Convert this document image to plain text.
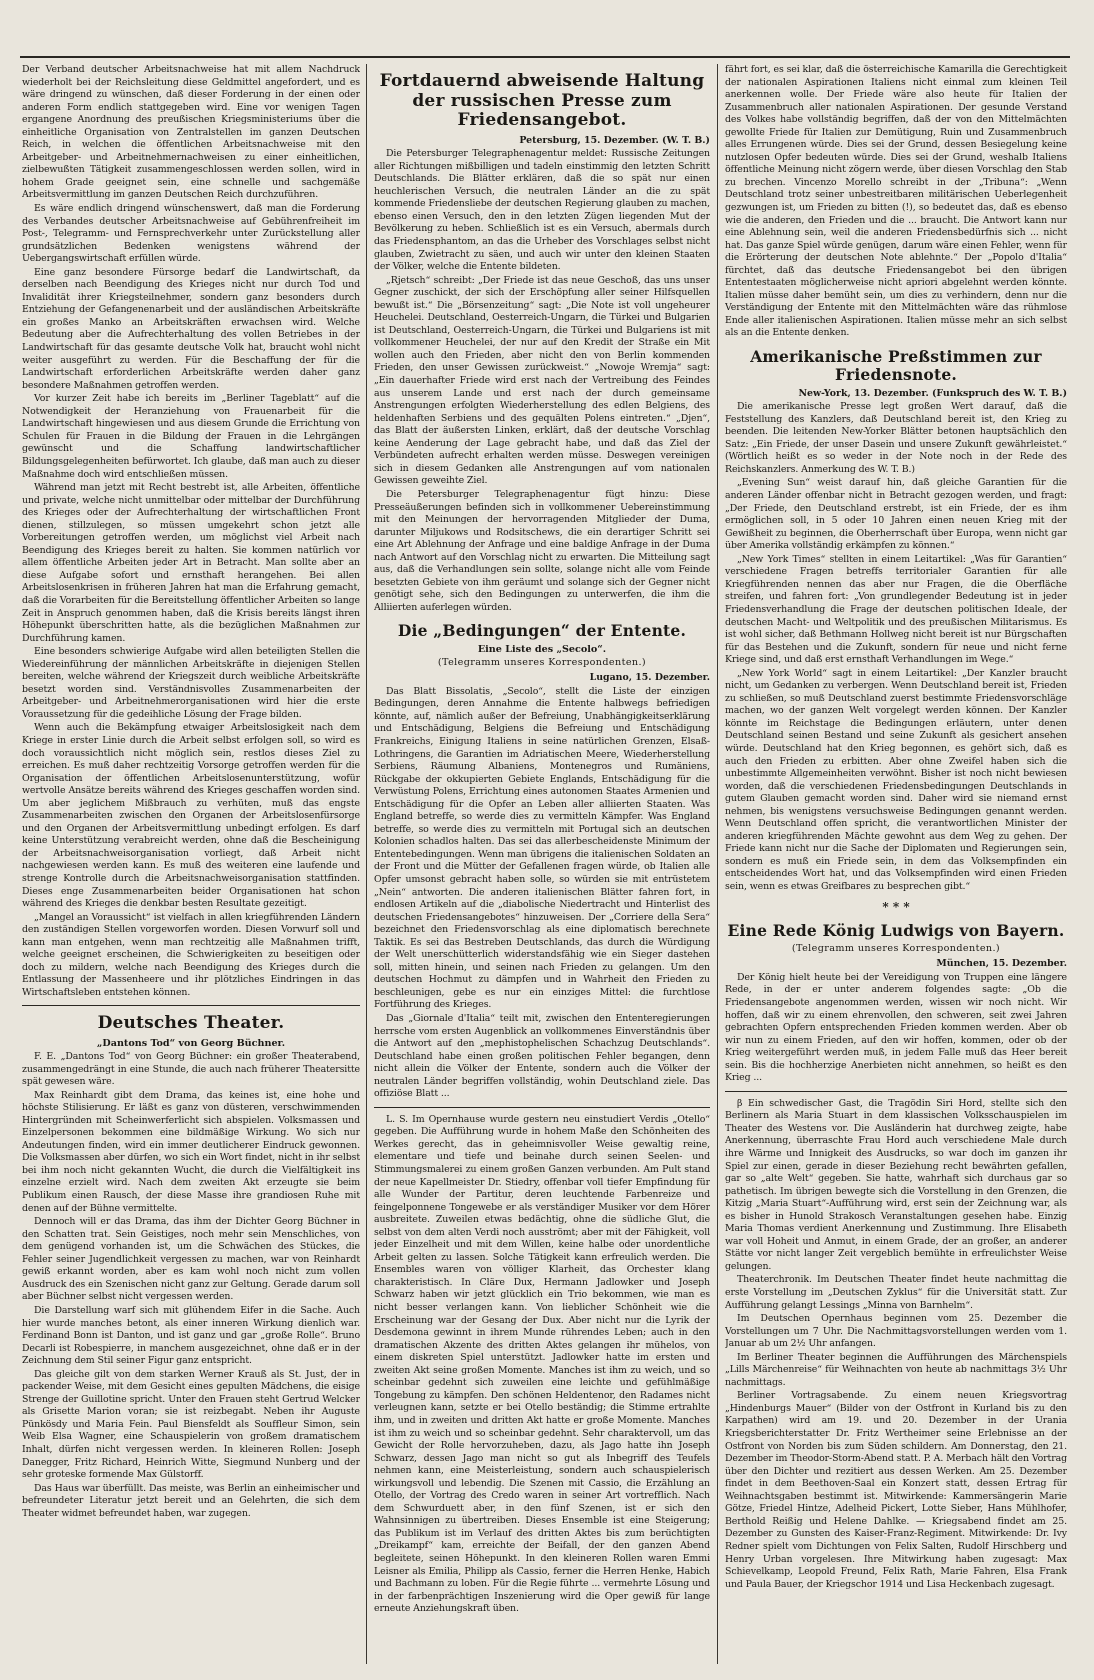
Der Verband deutscher Arbeitsnachweise hat mit allem Nachdruck wiederholt bei der Reichsleitung diese Geldmittel angefordert, und es wäre dringend zu wünschen, daß dieser Forderung in der einen oder anderen Form endlich stattgegeben wird. Eine vor wenigen Tagen ergangene Anordnung des preußischen Kriegsministeriums über die einheitliche Organisation von Zentralstellen im ganzen Deutschen Reich, in welchen die öffentlichen Arbeitsnachweise mit den Arbeitgeber- und Arbeitnehmernachweisen zu einer einheitlichen, zielbewußten Tätigkeit zusammengeschlossen werden sollen, wird in hohem Grade geeignet sein, eine schnelle und sachgemäße Arbeitsvermittlung im ganzen Deutschen Reich durchzuführen.

Es wäre endlich dringend wünschenswert, daß man die Forderung des Verbandes deutscher Arbeitsnachweise auf Gebührenfreiheit im Post-, Telegramm- und Fernsprechverkehr unter Zurückstellung aller grundsätzlichen Bedenken wenigstens während der Uebergangswirtschaft erfüllen würde.

Eine ganz besondere Fürsorge bedarf die Landwirtschaft, da derselben nach Beendigung des Krieges nicht nur durch Tod und Invalidität ihrer Kriegsteilnehmer, sondern ganz besonders durch Entziehung der Gefangenenarbeit und der ausländischen Arbeitskräfte ein großes Manko an Arbeitskräften erwachsen wird. Welche Bedeutung aber die Aufrechterhaltung des vollen Betriebes in der Landwirtschaft für das gesamte deutsche Volk hat, braucht wohl nicht weiter ausgeführt zu werden. Für die Beschaffung der für die Landwirtschaft erforderlichen Arbeitskräfte werden daher ganz besondere Maßnahmen getroffen werden.

Vor kurzer Zeit habe ich bereits im „Berliner Tageblatt“ auf die Notwendigkeit der Heranziehung von Frauenarbeit für die Landwirtschaft hingewiesen und aus diesem Grunde die Errichtung von Schulen für Frauen in die Bildung der Frauen in die Lehrgängen gewünscht und die Schaffung landwirtschaftlicher Bildungsgelegenheiten befürwortet. Ich glaube, daß man auch zu dieser Maßnahme doch wird entschließen müssen.

Während man jetzt mit Recht bestrebt ist, alle Arbeiten, öffentliche und private, welche nicht unmittelbar oder mittelbar der Durchführung des Krieges oder der Aufrechterhaltung der wirtschaftlichen Front dienen, stillzulegen, so müssen umgekehrt schon jetzt alle Vorbereitungen getroffen werden, um möglichst viel Arbeit nach Beendigung des Krieges bereit zu halten. Sie kommen natürlich vor allem öffentliche Arbeiten jeder Art in Betracht. Man sollte aber an diese Aufgabe sofort und ernsthaft herangehen. Bei allen Arbeitslosenkrisen in früheren Jahren hat man die Erfahrung gemacht, daß die Vorarbeiten für die Bereitstellung öffentlicher Arbeiten so lange Zeit in Anspruch genommen haben, daß die Krisis bereits längst ihren Höhepunkt überschritten hatte, als die bezüglichen Maßnahmen zur Durchführung kamen.

Eine besonders schwierige Aufgabe wird allen beteiligten Stellen die Wiedereinführung der männlichen Arbeitskräfte in diejenigen Stellen bereiten, welche während der Kriegszeit durch weibliche Arbeitskräfte besetzt worden sind. Verständnisvolles Zusammenarbeiten der Arbeitgeber- und Arbeitnehmerorganisationen wird hier die erste Voraussetzung für die gedeihliche Lösung der Frage bilden.

Wenn auch die Bekämpfung etwaiger Arbeitslosigkeit nach dem Kriege in erster Linie durch die Arbeit selbst erfolgen soll, so wird es doch voraussichtlich nicht möglich sein, restlos dieses Ziel zu erreichen. Es muß daher rechtzeitig Vorsorge getroffen werden für die Organisation der öffentlichen Arbeitslosenunterstützung, wofür wertvolle Ansätze bereits während des Krieges geschaffen worden sind. Um aber jeglichem Mißbrauch zu verhüten, muß das engste Zusammenarbeiten zwischen den Organen der Arbeitslosenfürsorge und den Organen der Arbeitsvermittlung unbedingt erfolgen. Es darf keine Unterstützung verabreicht werden, ohne daß die Bescheinigung der Arbeitsnachweisorganisation vorliegt, daß Arbeit nicht nachgewiesen werden kann. Es muß des weiteren eine laufende und strenge Kontrolle durch die Arbeitsnachweisorganisation stattfinden. Dieses enge Zusammenarbeiten beider Organisationen hat schon während des Krieges die denkbar besten Resultate gezeitigt.

„Mangel an Voraussicht“ ist vielfach in allen kriegführenden Ländern den zuständigen Stellen vorgeworfen worden. Diesen Vorwurf soll und kann man entgehen, wenn man rechtzeitig alle Maßnahmen trifft, welche geeignet erscheinen, die Schwierigkeiten zu beseitigen oder doch zu mildern, welche nach Beendigung des Krieges durch die Entlassung der Massenheere und ihr plötzliches Eindringen in das Wirtschaftsleben entstehen können.

Deutsches Theater.
„Dantons Tod“ von Georg Büchner.

F. E. „Dantons Tod“ von Georg Büchner: ein großer Theaterabend, zusammengedrängt in eine Stunde, die auch nach früherer Theatersitte spät gewesen wäre.

Max Reinhardt gibt dem Drama, das keines ist, eine hohe und höchste Stilisierung. Er läßt es ganz von düsteren, verschwimmenden Hintergründen mit Scheinwerferlicht sich abspielen. Volksmassen und Einzelpersonen bekommen eine bildmäßige Wirkung. Wo sich nur Andeutungen finden, wird ein immer deutlicherer Eindruck gewonnen. Die Volksmassen aber dürfen, wo sich ein Wort findet, nicht in ihr selbst bei ihm noch nicht gekannten Wucht, die durch die Vielfältigkeit ins einzelne erzielt wird. Nach dem zweiten Akt erzeugte sie beim Publikum einen Rausch, der diese Masse ihre grandiosen Ruhe mit denen auf der Bühne vermittelte.

Dennoch will er das Drama, das ihm der Dichter Georg Büchner in den Schatten trat. Sein Geistiges, noch mehr sein Menschliches, von dem genügend vorhanden ist, um die Schwächen des Stückes, die Fehler seiner Jugendlichkeit vergessen zu machen, war von Reinhardt gewiß erkannt worden, aber es kam wohl noch nicht zum vollen Ausdruck des ein Szenischen nicht ganz zur Geltung. Gerade darum soll aber Büchner selbst nicht vergessen werden.

Die Darstellung warf sich mit glühendem Eifer in die Sache. Auch hier wurde manches betont, als einer inneren Wirkung dienlich war. Ferdinand Bonn ist Danton, und ist ganz und gar „große Rolle“. Bruno Decarli ist Robespierre, in manchem ausgezeichnet, ohne daß er in der Zeichnung dem Stil seiner Figur ganz entspricht.

Das gleiche gilt von dem starken Werner Krauß als St. Just, der in packender Weise, mit dem Gesicht eines gepulten Mädchens, die eisige Strenge der Guillotine spricht. Unter den Frauen steht Gertrud Welcker als Grisette Marion voran; sie ist reizbegabt. Neben ihr Auguste Pünkösdy und Maria Fein. Paul Biensfeldt als Souffleur Simon, sein Weib Elsa Wagner, eine Schauspielerin von großem dramatischem Inhalt, dürfen nicht vergessen werden. In kleineren Rollen: Joseph Danegger, Fritz Richard, Heinrich Witte, Siegmund Nunberg und der sehr groteske formende Max Gülstorff.

Das Haus war überfüllt. Das meiste, was Berlin an einheimischer und befreundeter Literatur jetzt bereit und an Gelehrten, die sich dem Theater widmet befreundet haben, war zugegen.

Fortdauernd abweisende Haltung der russischen Presse zum Friedensangebot.
Petersburg, 15. Dezember. (W. T. B.)

Die Petersburger Telegraphenagentur meldet: Russische Zeitungen aller Richtungen mißbilligen und tadeln einstimmig den letzten Schritt Deutschlands. Die Blätter erklären, daß die so spät nur einen heuchlerischen Versuch, die neutralen Länder an die zu spät kommende Friedensliebe der deutschen Regierung glauben zu machen, ebenso einen Versuch, den in den letzten Zügen liegenden Mut der Bevölkerung zu heben. Schließlich ist es ein Versuch, abermals durch das Friedensphantom, an das die Urheber des Vorschlages selbst nicht glauben, Zwietracht zu säen, und auch wir unter den kleinen Staaten der Völker, welche die Entente bildeten.

„Rjetsch“ schreibt: „Der Friede ist das neue Geschoß, das uns unser Gegner zuschickt, der sich der Erschöpfung aller seiner Hilfsquellen bewußt ist.“ Die „Börsenzeitung“ sagt: „Die Note ist voll ungeheurer Heuchelei. Deutschland, Oesterreich-Ungarn, die Türkei und Bulgarien ist Deutschland, Oesterreich-Ungarn, die Türkei und Bulgariens ist mit vollkommener Heuchelei, der nur auf den Kredit der Straße ein Mit wollen auch den Frieden, aber nicht den von Berlin kommenden Frieden, den unser Gewissen zurückweist.“ „Nowoje Wremja“ sagt: „Ein dauerhafter Friede wird erst nach der Vertreibung des Feindes aus unserem Lande und erst nach der durch gemeinsame Anstrengungen erfolgten Wiederherstellung des edlen Belgiens, des heldenhaften Serbiens und des gequälten Polens eintreten.“ „Djen“, das Blatt der äußersten Linken, erklärt, daß der deutsche Vorschlag keine Aenderung der Lage gebracht habe, und daß das Ziel der Verbündeten aufrecht erhalten werden müsse. Deswegen vereinigen sich in diesem Gedanken alle Anstrengungen auf vom nationalen Gewissen geweihte Ziel.

Die Petersburger Telegraphenagentur fügt hinzu: Diese Presseäußerungen befinden sich in vollkommener Uebereinstimmung mit den Meinungen der hervorragenden Mitglieder der Duma, darunter Miljukows und Rodsitschews, die ein derartiger Schritt sei eine Art Ablehnung der Anfrage und eine baldige Anfrage in der Duma nach Antwort auf den Vorschlag nicht zu erwarten. Die Mitteilung sagt aus, daß die Verhandlungen sein sollte, solange nicht alle vom Feinde besetzten Gebiete von ihm geräumt und solange sich der Gegner nicht genötigt sehe, sich den Bedingungen zu unterwerfen, die ihm die Alliierten auferlegen würden.

Die „Bedingungen“ der Entente.
Eine Liste des „Secolo“.
(Telegramm unseres Korrespondenten.)
Lugano, 15. Dezember.

Das Blatt Bissolatis, „Secolo“, stellt die Liste der einzigen Bedingungen, deren Annahme die Entente halbwegs befriedigen könnte, auf, nämlich außer der Befreiung, Unabhängigkeitserklärung und Entschädigung, Belgiens die Befreiung und Entschädigung Frankreichs, Einigung Italiens in seine natürlichen Grenzen, Elsaß-Lothringens, die Garantien im Adriatischen Meere, Wiederherstellung Serbiens, Räumung Albaniens, Montenegros und Rumäniens, Rückgabe der okkupierten Gebiete Englands, Entschädigung für die Verwüstung Polens, Errichtung eines autonomen Staates Armenien und Entschädigung für die Opfer an Leben aller alliierten Staaten. Was England betreffe, so werde dies zu vermitteln Kämpfer. Was England betreffe, so werde dies zu vermitteln mit Portugal sich an deutschen Kolonien schadlos halten. Das sei das allerbescheidenste Minimum der Ententebedingungen. Wenn man übrigens die italienischen Soldaten an der Front und die Mütter der Gefallenen fragen würde, ob Italien alle Opfer umsonst gebracht haben solle, so würden sie mit entrüstetem „Nein“ antworten. Die anderen italienischen Blätter fahren fort, in endlosen Artikeln auf die „diabolische Niedertracht und Hinterlist des deutschen Friedensangebotes“ hinzuweisen. Der „Corriere della Sera“ bezeichnet den Friedensvorschlag als eine diplomatisch berechnete Taktik. Es sei das Bestreben Deutschlands, das durch die Würdigung der Welt unerschütterlich widerstandsfähig wie ein Sieger dastehen soll, mitten hinein, und seinen nach Frieden zu gelangen. Um den deutschen Hochmut zu dämpfen und in Wahrheit den Frieden zu beschleunigen, gebe es nur ein einziges Mittel: die furchtlose Fortführung des Krieges.

Das „Giornale d'Italia“ teilt mit, zwischen den Ententeregierungen herrsche vom ersten Augenblick an vollkommenes Einverständnis über die Antwort auf den „mephistophelischen Schachzug Deutschlands“. Deutschland habe einen großen politischen Fehler begangen, denn nicht allein die Völker der Entente, sondern auch die Völker der neutralen Länder begriffen vollständig, wohin Deutschland ziele. Das offiziöse Blatt ...

L. S. Im Opernhause wurde gestern neu einstudiert Verdis „Otello“ gegeben. Die Aufführung wurde in hohem Maße den Schönheiten des Werkes gerecht, das in geheimnisvoller Weise gewaltig reine, elementare und tiefe und beinahe durch seinen Seelen- und Stimmungsmalerei zu einem großen Ganzen verbunden. Am Pult stand der neue Kapellmeister Dr. Stiedry, offenbar voll tiefer Empfindung für alle Wunder der Partitur, deren leuchtende Farbenreize und feingelponnene Tongewebe er als verständiger Musiker vor dem Hörer ausbreitete. Zuweilen etwas bedächtig, ohne die südliche Glut, die selbst von dem alten Verdi noch ausströmt; aber mit der Fähigkeit, voll jeder Einzelheit und mit dem Willen, keine halbe oder unordentliche Arbeit gelten zu lassen. Solche Tätigkeit kann erfreulich werden. Die Ensembles waren von völliger Klarheit, das Orchester klang charakteristisch. In Cläre Dux, Hermann Jadlowker und Joseph Schwarz haben wir jetzt glücklich ein Trio bekommen, wie man es nicht besser verlangen kann. Von lieblicher Schönheit wie die Erscheinung war der Gesang der Dux. Aber nicht nur die Lyrik der Desdemona gewinnt in ihrem Munde rührendes Leben; auch in den dramatischen Akzente des dritten Aktes gelangen ihr mühelos, von einem diskreten Spiel unterstützt. Jadlowker hatte im ersten und zweiten Akt seine großen Momente. Manches ist ihm zu weich, und so scheinbar gedehnt sich zuweilen eine leichte und gefühlmäßige Tongebung zu kämpfen. Den schönen Heldentenor, den Radames nicht verleugnen kann, setzte er bei Otello beständig; die Stimme ertrahlte ihm, und in zweiten und dritten Akt hatte er große Momente. Manches ist ihm zu weich und so scheinbar gedehnt. Sehr charaktervoll, um das Gewicht der Rolle hervorzuheben, dazu, als Jago hatte ihn Joseph Schwarz, dessen Jago man nicht so gut als Inbegriff des Teufels nehmen kann, eine Meisterleistung, sondern auch schauspielerisch wirkungsvoll und lebendig. Die Szenen mit Cassio, die Erzählung an Otello, der Vortrag des Credo waren in seiner Art vortrefflich. Nach dem Schwurduett aber, in den fünf Szenen, ist er sich den Wahnsinnigen zu übertreiben. Dieses Ensemble ist eine Steigerung; das Publikum ist im Verlauf des dritten Aktes bis zum berüchtigten „Dreikampf“ kam, erreichte der Beifall, der den ganzen Abend begleitete, seinen Höhepunkt. In den kleineren Rollen waren Emmi Leisner als Emilia, Philipp als Cassio, ferner die Herren Henke, Habich und Bachmann zu loben. Für die Regie führte ... vermehrte Lösung und in der farbenprächtigen Inszenierung wird die Oper gewiß für lange erneute Anziehungskraft üben.

fährt fort, es sei klar, daß die österreichische Kamarilla die Gerechtigkeit der nationalen Aspirationen Italiens nicht einmal zum kleinen Teil anerkennen wolle. Der Friede wäre also heute für Italien der Zusammenbruch aller nationalen Aspirationen. Der gesunde Verstand des Volkes habe vollständig begriffen, daß der von den Mittelmächten gewollte Friede für Italien zur Demütigung, Ruin und Zusammenbruch alles Errungenen würde. Dies sei der Grund, dessen Besiegelung keine nutzlosen Opfer bedeuten würde. Dies sei der Grund, weshalb Italiens öffentliche Meinung nicht zögern werde, über diesen Vorschlag den Stab zu brechen. Vincenzo Morello schreibt in der „Tribuna“: „Wenn Deutschland trotz seiner unbestreitbaren militärischen Ueberlegenheit gezwungen ist, um Frieden zu bitten (!), so bedeutet das, daß es ebenso wie die anderen, den Frieden und die ... braucht. Die Antwort kann nur eine Ablehnung sein, weil die anderen Friedensbedürfnis sich ... nicht hat. Das ganze Spiel würde genügen, darum wäre einen Fehler, wenn für die Erörterung der deutschen Note ablehnte.“ Der „Popolo d'Italia“ fürchtet, daß das deutsche Friedensangebot bei den übrigen Ententestaaten möglicherweise nicht apriori abgelehnt werden könnte. Italien müsse daher bemüht sein, um dies zu verhindern, denn nur die Verständigung der Entente mit den Mittelmächten wäre das rühmlose Ende aller italienischen Aspirationen. Italien müsse mehr an sich selbst als an die Entente denken.

Amerikanische Preßstimmen zur Friedensnote.
New-York, 13. Dezember. (Funkspruch des W. T. B.)

Die amerikanische Presse legt großen Wert darauf, daß die Feststellung des Kanzlers, daß Deutschland bereit ist, den Krieg zu beenden. Die leitenden New-Yorker Blätter betonen hauptsächlich den Satz: „Ein Friede, der unser Dasein und unsere Zukunft gewährleistet.“ (Wörtlich heißt es so weder in der Note noch in der Rede des Reichskanzlers. Anmerkung des W. T. B.)

„Evening Sun“ weist darauf hin, daß gleiche Garantien für die anderen Länder offenbar nicht in Betracht gezogen werden, und fragt: „Der Friede, den Deutschland erstrebt, ist ein Friede, der es ihm ermöglichen soll, in 5 oder 10 Jahren einen neuen Krieg mit der Gewißheit zu beginnen, die Oberherrschaft über Europa, wenn nicht gar über Amerika vollständig erkämpfen zu können.“

„New York Times“ stellten in einem Leitartikel: „Was für Garantien“ verschiedene Fragen betreffs territorialer Garantien für alle Kriegführenden nennen das aber nur Fragen, die die Oberfläche streifen, und fahren fort: „Von grundlegender Bedeutung ist in jeder Friedensverhandlung die Frage der deutschen politischen Ideale, der deutschen Macht- und Weltpolitik und des preußischen Militarismus. Es ist wohl sicher, daß Bethmann Hollweg nicht bereit ist nur Bürgschaften für das Bestehen und die Zukunft, sondern für neue und nicht ferne Kriege sind, und daß erst ernsthaft Verhandlungen im Wege.“

„New York World“ sagt in einem Leitartikel: „Der Kanzler braucht nicht, um Gedanken zu verbergen. Wenn Deutschland bereit ist, Frieden zu schließen, so muß Deutschland zuerst bestimmte Friedensvorschläge machen, wo der ganzen Welt vorgelegt werden können. Der Kanzler könnte im Reichstage die Bedingungen erläutern, unter denen Deutschland seinen Bestand und seine Zukunft als gesichert ansehen würde. Deutschland hat den Krieg begonnen, es gehört sich, daß es auch den Frieden zu erbitten. Aber ohne Zweifel haben sich die unbestimmte Allgemeinheiten verwöhnt. Bisher ist noch nicht bewiesen worden, daß die verschiedenen Friedensbedingungen Deutschlands in gutem Glauben gemacht worden sind. Daher wird sie niemand ernst nehmen, bis wenigstens versuchsweise Bedingungen genannt werden. Wenn Deutschland offen spricht, die verantwortlichen Minister der anderen kriegführenden Mächte gewohnt aus dem Weg zu gehen. Der Friede kann nicht nur die Sache der Diplomaten und Regierungen sein, sondern es muß ein Friede sein, in dem das Volksempfinden ein entscheidendes Wort hat, und das Volksempfinden wird einen Frieden sein, wenn es etwas Greifbares zu besprechen gibt.“

* * *
Eine Rede König Ludwigs von Bayern.
(Telegramm unseres Korrespondenten.)
München, 15. Dezember.

Der König hielt heute bei der Vereidigung von Truppen eine längere Rede, in der er unter anderem folgendes sagte: „Ob die Friedensangebote angenommen werden, wissen wir noch nicht. Wir hoffen, daß wir zu einem ehrenvollen, den schweren, seit zwei Jahren gebrachten Opfern entsprechenden Frieden kommen werden. Aber ob wir nun zu einem Frieden, auf den wir hoffen, kommen, oder ob der Krieg weitergeführt werden muß, in jedem Falle muß das Heer bereit sein. Bis die hochherzige Anerbieten nicht annehmen, so heißt es den Krieg ...

β Ein schwedischer Gast, die Tragödin Siri Hord, stellte sich den Berlinern als Maria Stuart in dem klassischen Volksschauspielen im Theater des Westens vor. Die Ausländerin hat durchweg zeigte, habe Anerkennung, überraschte Frau Hord auch verschiedene Male durch ihre Wärme und Innigkeit des Ausdrucks, so war doch im ganzen ihr Spiel zur einen, gerade in dieser Beziehung recht bewährten gefallen, gar so „alte Welt“ gegeben. Sie hatte, wahrhaft sich durchaus gar so pathetisch. Im übrigen bewegte sich die Vorstellung in den Grenzen, die Kitzig „Maria Stuart“-Aufführung wird, erst sein der Zeichnung war, als es bisher in Hunold Strakosch Veranstaltungen gesehen habe. Einzig Maria Thomas verdient Anerkennung und Zustimmung. Ihre Elisabeth war voll Hoheit und Anmut, in einem Grade, der an großer, an anderer Stätte vor nicht langer Zeit vergeblich bemühte in erfreulichster Weise gelungen.

Theaterchronik. Im Deutschen Theater findet heute nachmittag die erste Vorstellung im „Deutschen Zyklus“ für die Universität statt. Zur Aufführung gelangt Lessings „Minna von Barnhelm“.

Im Deutschen Opernhaus beginnen vom 25. Dezember die Vorstellungen um 7 Uhr. Die Nachmittagsvorstellungen werden vom 1. Januar ab um 2½ Uhr anfangen.

Im Berliner Theater beginnen die Aufführungen des Märchenspiels „Lills Märchenreise“ für Weihnachten von heute ab nachmittags 3½ Uhr nachmittags.

Berliner Vortragsabende. Zu einem neuen Kriegsvortrag „Hindenburgs Mauer“ (Bilder von der Ostfront in Kurland bis zu den Karpathen) wird am 19. und 20. Dezember in der Urania Kriegsberichterstatter Dr. Fritz Wertheimer seine Erlebnisse an der Ostfront von Norden bis zum Süden schildern. Am Donnerstag, den 21. Dezember im Theodor-Storm-Abend statt. P. A. Merbach hält den Vortrag über den Dichter und rezitiert aus dessen Werken. Am 25. Dezember findet in dem Beethoven-Saal ein Konzert statt, dessen Ertrag für Weihnachtsgaben bestimmt ist. Mitwirkende: Kammersängerin Marie Götze, Friedel Hintze, Adelheid Pickert, Lotte Sieber, Hans Mühlhofer, Berthold Reißig und Helene Dahlke. — Kriegsabend findet am 25. Dezember zu Gunsten des Kaiser-Franz-Regiment. Mitwirkende: Dr. Ivy Redner spielt vom Dichtungen von Felix Salten, Rudolf Hirschberg und Henry Urban vorgelesen. Ihre Mitwirkung haben zugesagt: Max Schievelkamp, Leopold Freund, Felix Rath, Marie Fahren, Elsa Frank und Paula Bauer, der Kriegschor 1914 und Lisa Heckenbach zugesagt.
